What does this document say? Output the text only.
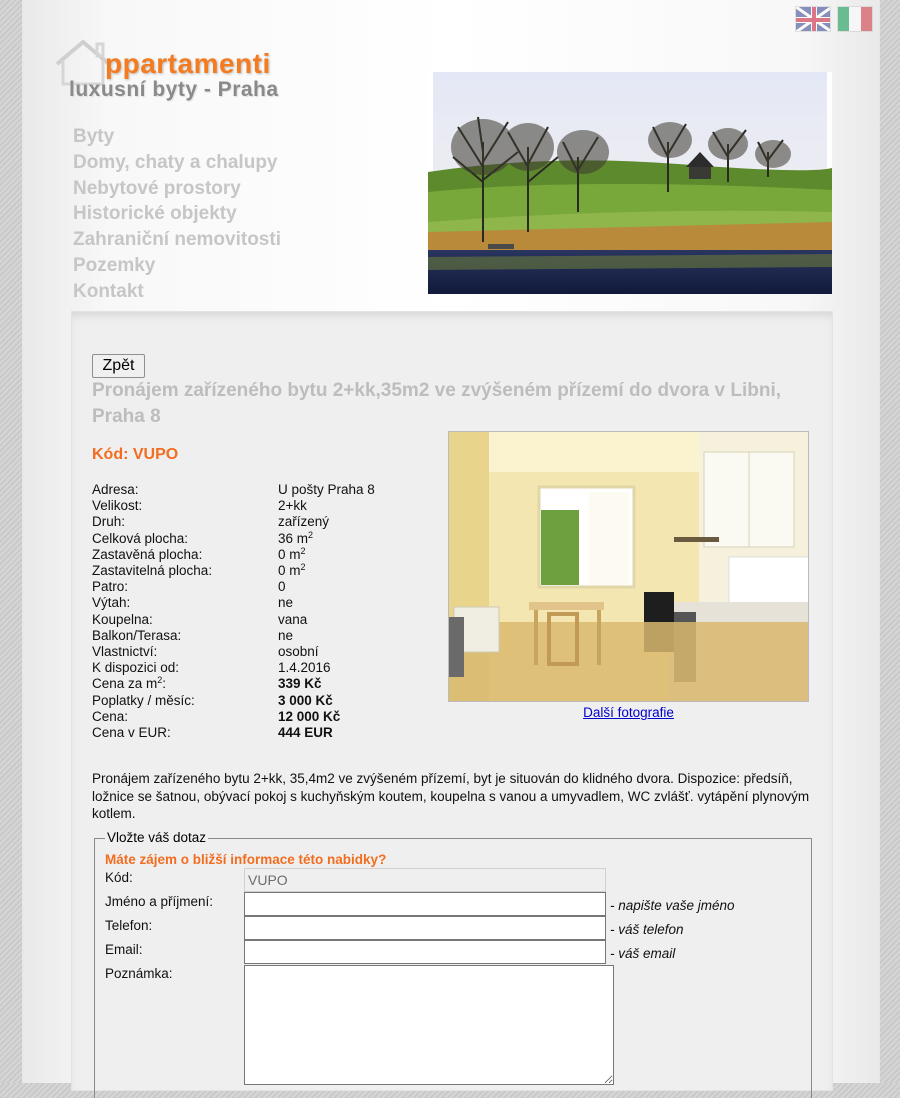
ppartamenti
luxusní byty - Praha
Byty
Domy, chaty a chalupy
Nebytové prostory
Historické objekty
Zahraniční nemovitosti
Pozemky
Kontakt
Zpět
Pronájem zařízeného bytu 2+kk,35m2 ve zvýšeném přízemí do dvora v Libni, Praha 8
Kód: VUPO
Adresa:	U pošty Praha 8
Velikost:	2+kk
Druh:	zařízený
Celková plocha:	36 $m^2$
Zastavěná plocha:	0 $m^2$
Zastavitelná plocha:	0 $m^2$
Patro:	0
Výtah:	ne
Koupelna:	vana
Balkon/Terasa:	ne
Vlastnictví:	osobní
K dispozici od:	1.4.2016
Cena za $m^2$:	339 Kč
Poplatky / měsíc:	3 000 Kč
Cena:	12 000 Kč
Cena v EUR:	444 EUR
Další fotografie

Pronájem zařízeného bytu 2+kk, 35,4m2 ve zvýšeném přízemí, byt je situován do klidného dvora. Dispozice: předsíň, ložnice se šatnou, obývací pokoj s kuchyňským koutem, koupelna s vanou a umyvadlem, WC zvlášť. vytápění plynovým kotlem.

Vložte váš dotaz
Máte zájem o bližší informace této nabidky?
Kód:
VUPO
Jméno a příjmení:	- napište vaše jméno
Telefon:	- váš telefon
Email:	- váš email
Poznámka:
